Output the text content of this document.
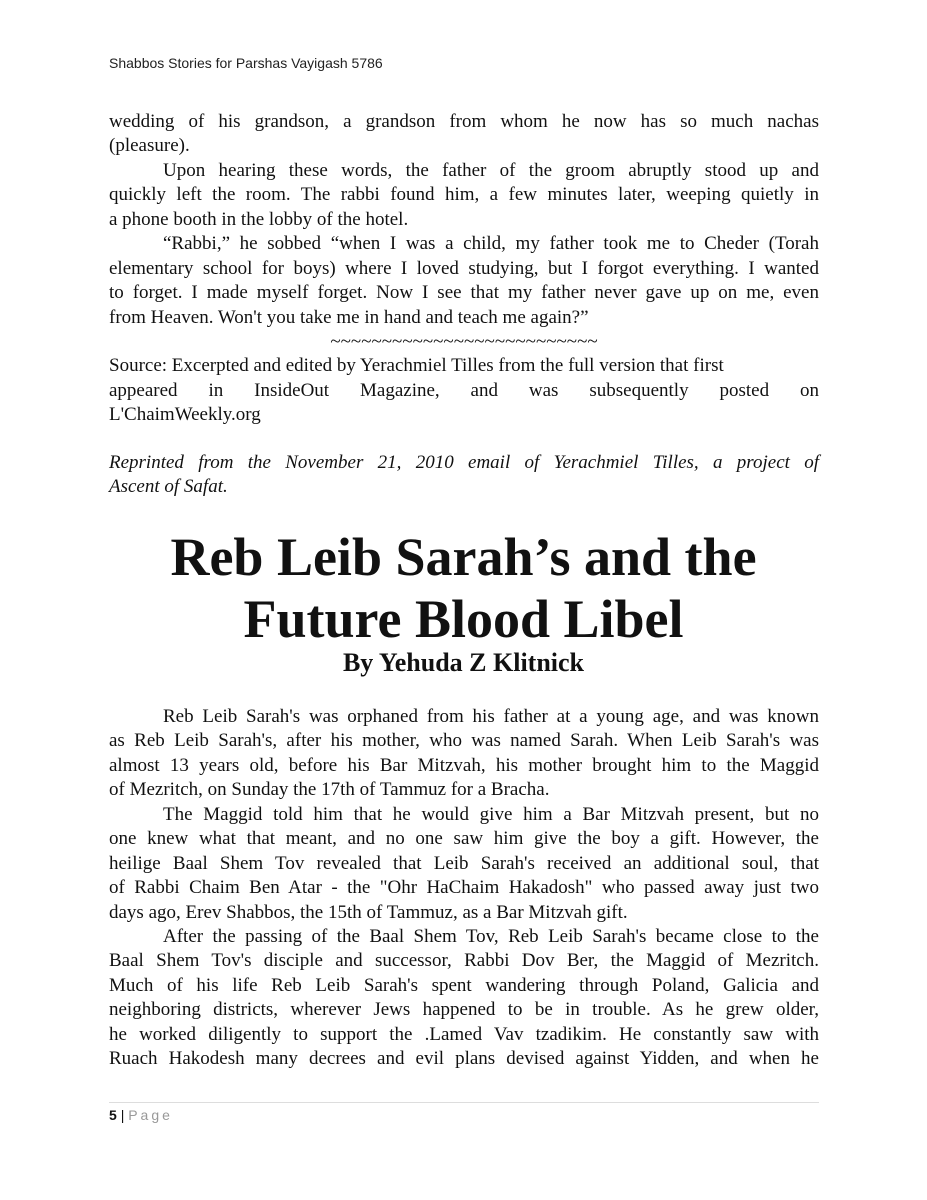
Shabbos Stories for Parshas Vayigash 5786
wedding of his grandson, a grandson from whom he now has so much nachas
(pleasure).
Upon hearing these words, the father of the groom abruptly stood up and
quickly left the room. The rabbi found him, a few minutes later, weeping quietly in
a phone booth in the lobby of the hotel.
“Rabbi,” he sobbed “when I was a child, my father took me to Cheder (Torah
elementary school for boys) where I loved studying, but I forgot everything. I wanted
to forget. I made myself forget. Now I see that my father never gave up on me, even
from Heaven. Won't you take me in hand and teach me again?”
~~~~~~~~~~~~~~~~~~~~~~~~~~
Source: Excerpted and edited by Yerachmiel Tilles from the full version that first
appeared in InsideOut Magazine, and was subsequently posted on
L'ChaimWeekly.org
Reprinted from the November 21, 2010 email of Yerachmiel Tilles, a project of
Ascent of Safat.
Reb Leib Sarah’s and the
Future Blood Libel
By Yehuda Z Klitnick
Reb Leib Sarah's was orphaned from his father at a young age, and was known
as Reb Leib Sarah's, after his mother, who was named Sarah. When Leib Sarah's was
almost 13 years old, before his Bar Mitzvah, his mother brought him to the Maggid
of Mezritch, on Sunday the 17th of Tammuz for a Bracha.
The Maggid told him that he would give him a Bar Mitzvah present, but no
one knew what that meant, and no one saw him give the boy a gift. However, the
heilige Baal Shem Tov revealed that Leib Sarah's received an additional soul, that
of Rabbi Chaim Ben Atar - the "Ohr HaChaim Hakadosh" who passed away just two
days ago, Erev Shabbos, the 15th of Tammuz, as a Bar Mitzvah gift.
After the passing of the Baal Shem Tov, Reb Leib Sarah's became close to the
Baal Shem Tov's disciple and successor, Rabbi Dov Ber, the Maggid of Mezritch.
Much of his life Reb Leib Sarah's spent wandering through Poland, Galicia and
neighboring districts, wherever Jews happened to be in trouble. As he grew older,
he worked diligently to support the .Lamed Vav tzadikim. He constantly saw with
Ruach Hakodesh many decrees and evil plans devised against Yidden, and when he
5 | Page
